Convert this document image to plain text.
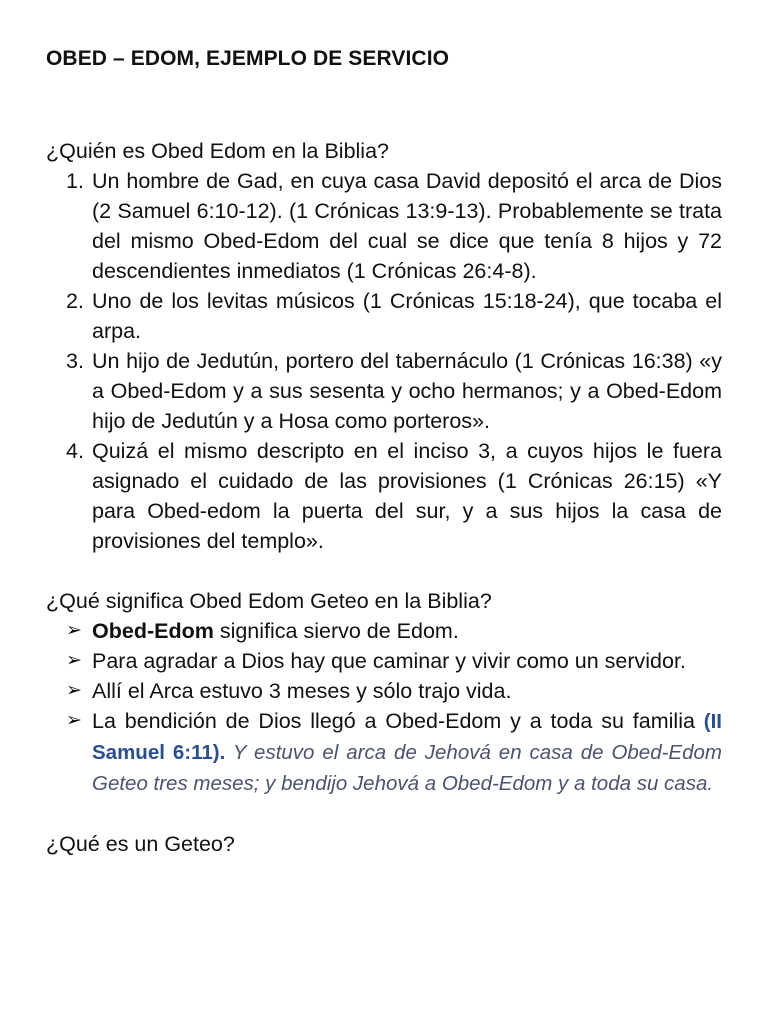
OBED – EDOM, EJEMPLO DE SERVICIO

¿Quién es Obed Edom en la Biblia?

1. Un hombre de Gad, en cuya casa David depositó el arca de Dios (2 Samuel 6:10-12). (1 Crónicas 13:9-13). Probablemente se trata del mismo Obed-Edom del cual se dice que tenía 8 hijos y 72 descendientes inmediatos (1 Crónicas 26:4-8).
2. Uno de los levitas músicos (1 Crónicas 15:18-24), que tocaba el arpa.
3. Un hijo de Jedutún, portero del tabernáculo (1 Crónicas 16:38) «y a Obed-Edom y a sus sesenta y ocho hermanos; y a Obed-Edom hijo de Jedutún y a Hosa como porteros».
4. Quizá el mismo descripto en el inciso 3, a cuyos hijos le fuera asignado el cuidado de las provisiones (1 Crónicas 26:15) «Y para Obed-edom la puerta del sur, y a sus hijos la casa de provisiones del templo».

¿Qué significa Obed Edom Geteo en la Biblia?

➢ Obed-Edom significa siervo de Edom.
➢ Para agradar a Dios hay que caminar y vivir como un servidor.
➢ Allí el Arca estuvo 3 meses y sólo trajo vida.
➢ La bendición de Dios llegó a Obed-Edom y a toda su familia (II Samuel 6:11). Y estuvo el arca de Jehová en casa de Obed-Edom Geteo tres meses; y bendijo Jehová a Obed-Edom y a toda su casa.

¿Qué es un Geteo?
